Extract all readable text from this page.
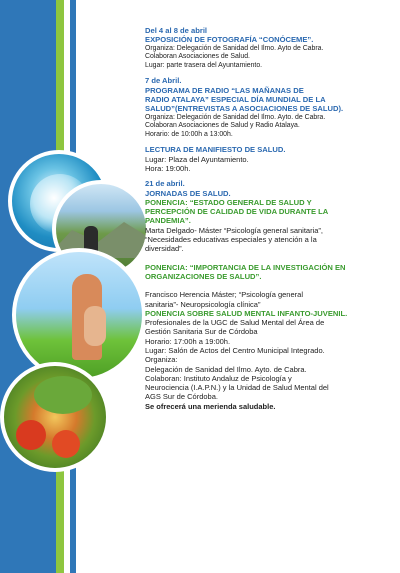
Del 4 al 8 de abril
EXPOSICIÓN DE FOTOGRAFÍA “CONÓCEME”.
Organiza: Delegación de Sanidad del Ilmo. Ayto de Cabra.
Colaboran Asociaciones de Salud.
Lugar: parte trasera del Ayuntamiento.
7 de Abril.
PROGRAMA DE RADIO “LAS MAÑANAS DE
RADIO ATALAYA” ESPECIAL DÍA MUNDIAL DE LA
SALUD”(ENTREVISTAS A ASOCIACIONES DE SALUD).
Organiza: Delegación de Sanidad del Ilmo. Ayto. de Cabra.
Colaboran Asociaciones de Salud y Radio Atalaya.
Horario: de 10:00h a 13:00h.
LECTURA DE MANIFIESTO DE SALUD.
Lugar: Plaza del Ayuntamiento.
Hora: 19:00h.
21 de abril.
JORNADAS DE SALUD.
PONENCIA: “ESTADO GENERAL DE SALUD Y
PERCEPCIÓN DE CALIDAD DE VIDA DURANTE LA
PANDEMIA”.
Marta Delgado- Máster “Psicología general sanitaria”,
“Necesidades educativas especiales y atención a la
diversidad”.
PONENCIA: “IMPORTANCIA DE LA INVESTIGACIÓN EN
ORGANIZACIONES DE SALUD”.
Francisco Herencia Máster; “Psicología general
sanitaria”- Neuropsicología clínica”
PONENCIA SOBRE SALUD MENTAL INFANTO-JUVENIL.
Profesionales de la UGC de Salud Mental del Área de
Gestión Sanitaria Sur de Córdoba
Horario: 17:00h a 19:00h.
Lugar: Salón de Actos del Centro Municipal Integrado.
Organiza:
Delegación de Sanidad del Ilmo. Ayto. de Cabra.
Colaboran: Instituto Andaluz de Psicología y
Neurociencia (I.A.P.N.) y la Unidad de Salud Mental del
AGS Sur de Córdoba.
Se ofrecerá una merienda saludable.
